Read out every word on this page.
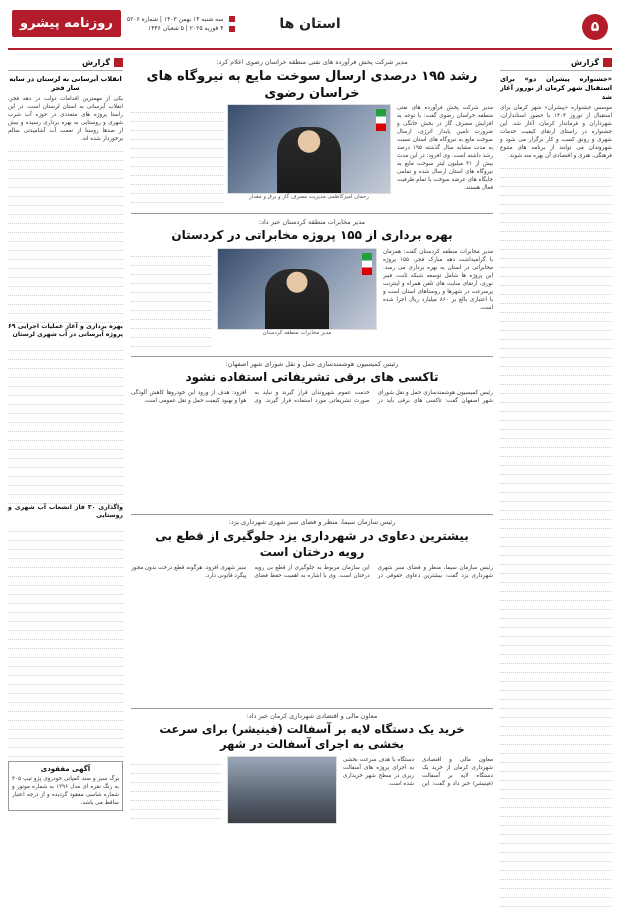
۵
استان ها
سه شنبه ۱۴ بهمن ۱۴۰۳ | شماره ۵۲۰۶
۴ فوریه ۲۰۲۵ | ۵ شعبان ۱۴۴۶
روزنامه پیشرو
گزارش
«جشنواره پیشران دو» برای استقبال شهر کرمان از نوروز آغاز شد
موسس جشنواره «پیشران» شهر کرمان برای استقبال از نوروز ۱۴۰۴ با حضور استانداران، شهرداران و فرماندار کرمان، آغاز شد. این جشنواره در راستای ارتقای کیفیت خدمات شهری و رونق کسب و کار برگزار می شود و شهروندان می توانند از برنامه های متنوع فرهنگی، هنری و اقتصادی آن بهره مند شوند.
مدیر شرکت پخش فرآورده های نفتی منطقه خراسان رضوی اعلام کرد:
رشد ۱۹۵ درصدی ارسال سوخت مایع به نیروگاه های خراسان رضوی
مدیر شرکت پخش فرآورده های نفتی منطقه خراسان رضوی گفت: با توجه به افزایش مصرف گاز در بخش خانگی و ضرورت تامین پایدار انرژی، ارسال سوخت مایع به نیروگاه های استان نسبت به مدت مشابه سال گذشته ۱۹۵ درصد رشد داشته است. وی افزود: در این مدت بیش از ۳۱ میلیون لیتر سوخت مایع به نیروگاه های استان ارسال شده و تمامی جایگاه های عرضه سوخت با تمام ظرفیت فعال هستند.
رحمان امیرکاظمی مدیریت مصرف گاز و برق و مقدار
مدیر مخابرات منطقه کردستان خبر داد:
بهره برداری از ۱۵۵ پروژه مخابراتی در کردستان
مدیر مخابرات منطقه کردستان گفت: همزمان با گرامیداشت دهه مبارک فجر، ۱۵۵ پروژه مخابراتی در استان به بهره برداری می رسد. این پروژه ها شامل توسعه شبکه ثابت، فیبر نوری، ارتقای سایت های تلفن همراه و اینترنت پرسرعت در شهرها و روستاهای استان است و با اعتباری بالغ بر ۸۶۰ میلیارد ریال اجرا شده است.
مدیر مخابرات منطقه کردستان
رئیس کمیسیون هوشمندسازی حمل و نقل شورای شهر اصفهان:
تاکسی های برقی تشریفاتی استفاده نشود
رئیس کمیسیون هوشمندسازی حمل و نقل شورای شهر اصفهان گفت: تاکسی های برقی باید در خدمت عموم شهروندان قرار گیرند و نباید به صورت تشریفاتی مورد استفاده قرار گیرند. وی افزود: هدف از ورود این خودروها کاهش آلودگی هوا و بهبود کیفیت حمل و نقل عمومی است.
رئیس سازمان سیما، منظر و فضای سبز شهری شهرداری یزد:
بیشترین دعاوی در شهرداری یزد جلوگیری از قطع بی رویه درختان است
رئیس سازمان سیما، منظر و فضای سبز شهری شهرداری یزد گفت: بیشترین دعاوی حقوقی در این سازمان مربوط به جلوگیری از قطع بی رویه درختان است. وی با اشاره به اهمیت حفظ فضای سبز شهری افزود: هرگونه قطع درخت بدون مجوز پیگرد قانونی دارد.
معاون مالی و اقتصادی شهرداری کرمان خبر داد:
خرید یک دستگاه لایه بر آسفالت (فینیشر) برای سرعت بخشی به اجرای آسفالت در شهر
معاون مالی و اقتصادی شهرداری کرمان از خرید یک دستگاه لایه بر آسفالت (فینیشر) خبر داد و گفت: این دستگاه با هدف سرعت بخشی به اجرای پروژه های آسفالت ریزی در سطح شهر خریداری شده است.
گزارش
انقلاب آبرسانی به لرستان در سایه ساز فجر
یکی از مهمترین اقدامات دولت در دهه فجر، انقلاب آبرسانی به استان لرستان است. در این راستا پروژه های متعددی در حوزه آب شرب شهری و روستایی به بهره برداری رسیده و بیش از صدها روستا از نعمت آب آشامیدنی سالم برخوردار شده اند.
بهره برداری و آغاز عملیات اجرایی ۶۹ پروژه آبرسانی در آب شهری لرستان
واگذاری ۳۰ فاز انشعاب آب شهری و روستایی
آگهی مفقودی
برگ سبز و سند کمپانی خودروی پژو تیپ ۴۰۵ به رنگ نقره ای مدل ۱۳۹۶ به شماره موتور و شماره شاسی مفقود گردیده و از درجه اعتبار ساقط می باشد.
